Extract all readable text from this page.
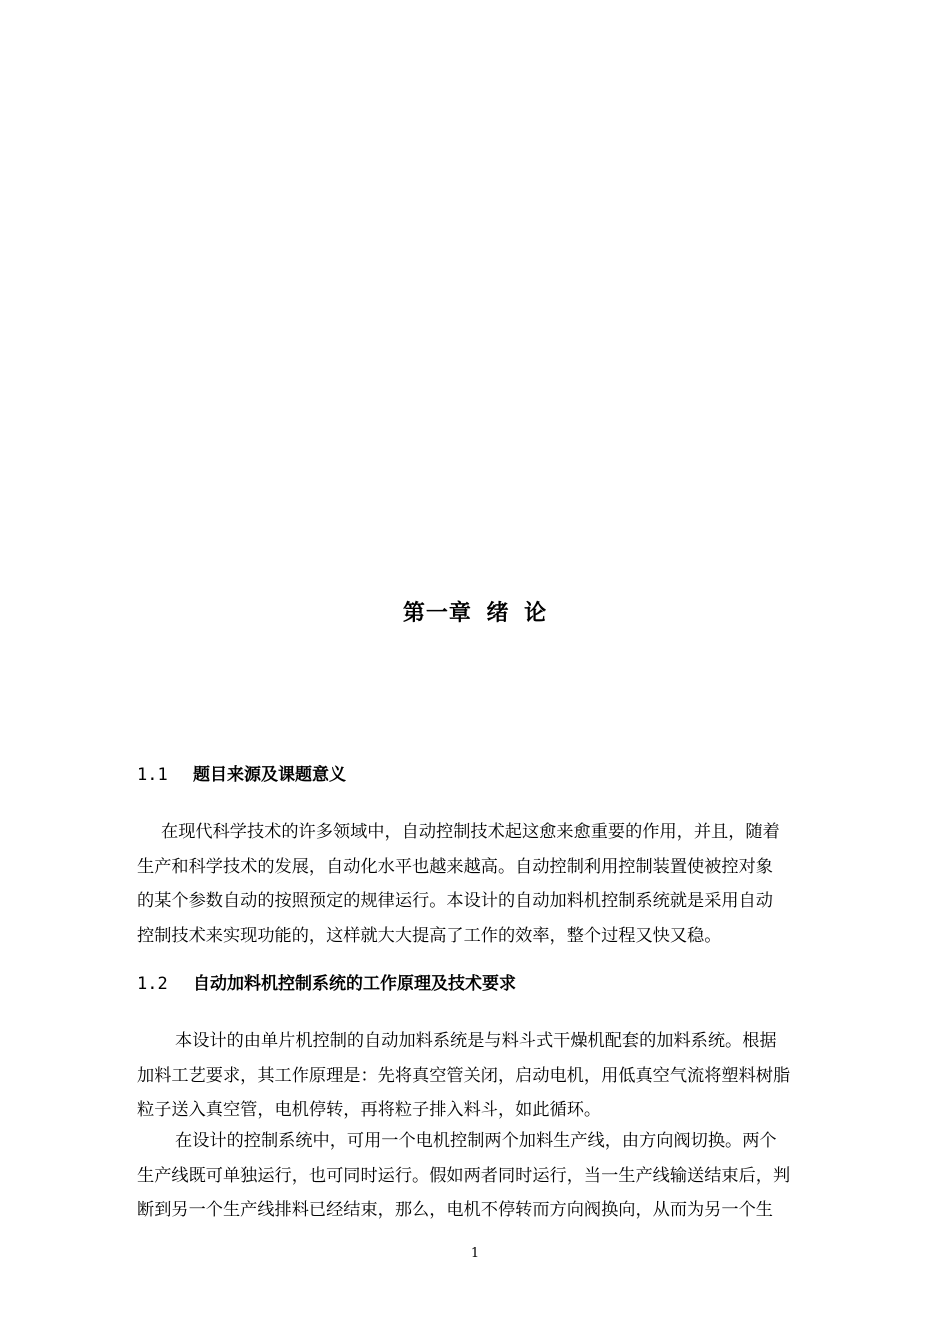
第一章 绪 论
1.1 题目来源及课题意义
在现代科学技术的许多领域中，自动控制技术起这愈来愈重要的作用，并且，随着
生产和科学技术的发展，自动化水平也越来越高。自动控制利用控制装置使被控对象
的某个参数自动的按照预定的规律运行。本设计的自动加料机控制系统就是采用自动
控制技术来实现功能的，这样就大大提高了工作的效率，整个过程又快又稳。
1.2 自动加料机控制系统的工作原理及技术要求
本设计的由单片机控制的自动加料系统是与料斗式干燥机配套的加料系统。根据
加料工艺要求，其工作原理是：先将真空管关闭，启动电机，用低真空气流将塑料树脂
粒子送入真空管，电机停转，再将粒子排入料斗，如此循环。
在设计的控制系统中，可用一个电机控制两个加料生产线，由方向阀切换。两个
生产线既可单独运行，也可同时运行。假如两者同时运行，当一生产线输送结束后，判
断到另一个生产线排料已经结束，那么，电机不停转而方向阀换向，从而为另一个生
1
